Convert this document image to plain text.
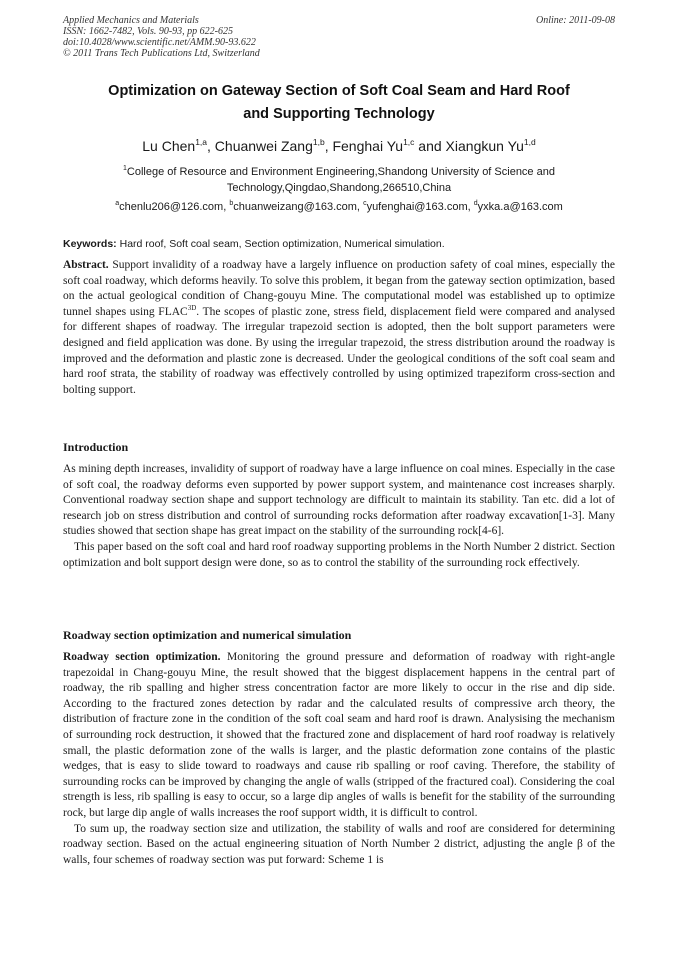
Applied Mechanics and Materials
ISSN: 1662-7482, Vols. 90-93, pp 622-625
doi:10.4028/www.scientific.net/AMM.90-93.622
© 2011 Trans Tech Publications Ltd, Switzerland
Online: 2011-09-08
Optimization on Gateway Section of Soft Coal Seam and Hard Roof
and Supporting Technology
Lu Chen$^{1,a}$, Chuanwei Zang$^{1,b}$, Fenghai Yu$^{1,c}$ and Xiangkun Yu$^{1,d}$
$^1$College of Resource and Environment Engineering,Shandong University of Science and Technology,Qingdao,Shandong,266510,China
$^a$chenlu206@126.com, $^b$chuanweizang@163.com, $^c$yufenghai@163.com, $^d$yxka.a@163.com
Keywords: Hard roof, Soft coal seam, Section optimization, Numerical simulation.
Abstract. Support invalidity of a roadway have a largely influence on production safety of coal mines, especially the soft coal roadway, which deforms heavily. To solve this problem, it began from the gateway section optimization, based on the actual geological condition of Chang-gouyu Mine. The computational model was established up to optimize tunnel shapes using $FLAC^{3D}$. The scopes of plastic zone, stress field, displacement field were compared and analysed for different shapes of roadway. The irregular trapezoid section is adopted, then the bolt support parameters were designed and field application was done. By using the irregular trapezoid, the stress distribution around the roadway is improved and the deformation and plastic zone is decreased. Under the geological conditions of the soft coal seam and hard roof strata, the stability of roadway was effectively controlled by using optimized trapeziform cross-section and bolting support.
Introduction

As mining depth increases, invalidity of support of roadway have a large influence on coal mines. Especially in the case of soft coal, the roadway deforms even supported by power support system, and maintenance cost increases sharply. Conventional roadway section shape and support technology are difficult to maintain its stability. Tan etc. did a lot of research job on stress distribution and control of surrounding rocks deformation after roadway excavation[1-3]. Many studies showed that section shape has great impact on the stability of the surrounding rock[4-6].

This paper based on the soft coal and hard roof roadway supporting problems in the North Number 2 district. Section optimization and bolt support design were done, so as to control the stability of the surrounding rock effectively.

Roadway section optimization and numerical simulation

Roadway section optimization. Monitoring the ground pressure and deformation of roadway with right-angle trapezoidal in Chang-gouyu Mine, the result showed that the biggest displacement happens in the central part of roadway, the rib spalling and higher stress concentration factor are more likely to occur in the rise and dip side. According to the fractured zones detection by radar and the calculated results of compressive arch theory, the distribution of fracture zone in the condition of the soft coal seam and hard roof is drawn. Analysising the mechanism of surrounding rock destruction, it showed that the fractured zone and displacement of hard roof roadway is relatively small, the plastic deformation zone of the walls is larger, and the plastic deformation zone contains of the plastic wedges, that is easy to slide toward to roadways and cause rib spalling or roof caving. Therefore, the stability of surrounding rocks can be improved by changing the angle of walls (stripped of the fractured coal). Considering the coal strength is less, rib spalling is easy to occur, so a large dip angles of walls is benefit for the stability of the surrounding rock, but large dip angle of walls increases the roof support width, it is difficult to control.

To sum up, the roadway section size and utilization, the stability of walls and roof are considered for determining roadway section. Based on the actual engineering situation of North Number 2 district, adjusting the angle β of the walls, four schemes of roadway section was put forward: Scheme 1 is
